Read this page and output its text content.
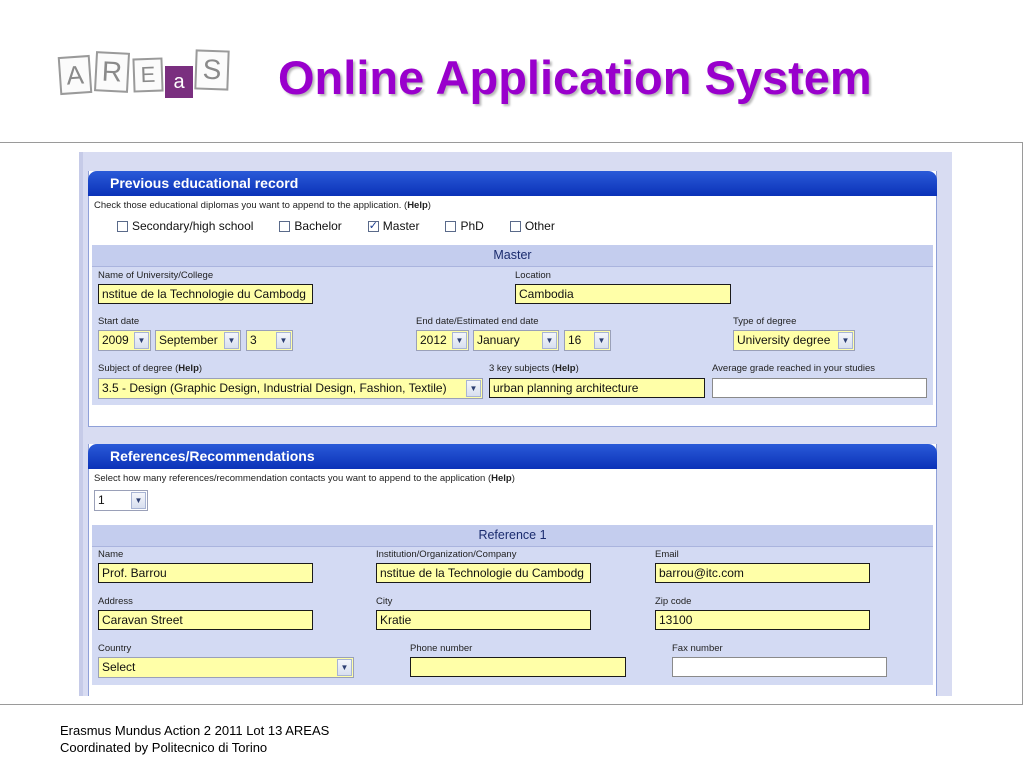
A R E a S Online Application System
Previous educational record
Check those educational diplomas you want to append to the application. (Help)
Secondary/high school	Bachelor ✓ Master	PhD	Other
Master
Name of University/College
nstitue de la Technologie du Cambodg
Location
Cambodia
Start date
2009	▼	September	▼	3	▼
End date/Estimated end date
2012	▼	January	▼	16	▼
Type of degree
University degree	▼
Subject of degree (Help)
3.5 - Design (Graphic Design, Industrial Design, Fashion, Textile)	▼
3 key subjects (Help)
urban planning architecture
Average grade reached in your studies
References/Recommendations
Select how many references/recommendation contacts you want to append to the application (Help)
1	▼
Reference 1
Name
Prof. Barrou
Institution/Organization/Company
nstitue de la Technologie du Cambodg
Email
barrou@itc.com
Address
Caravan Street
City
Kratie
Zip code
13100
Country
Select	▼
Phone number	Fax number
Erasmus Mundus Action 2 2011 Lot 13 AREAS
Coordinated by Politecnico di Torino
